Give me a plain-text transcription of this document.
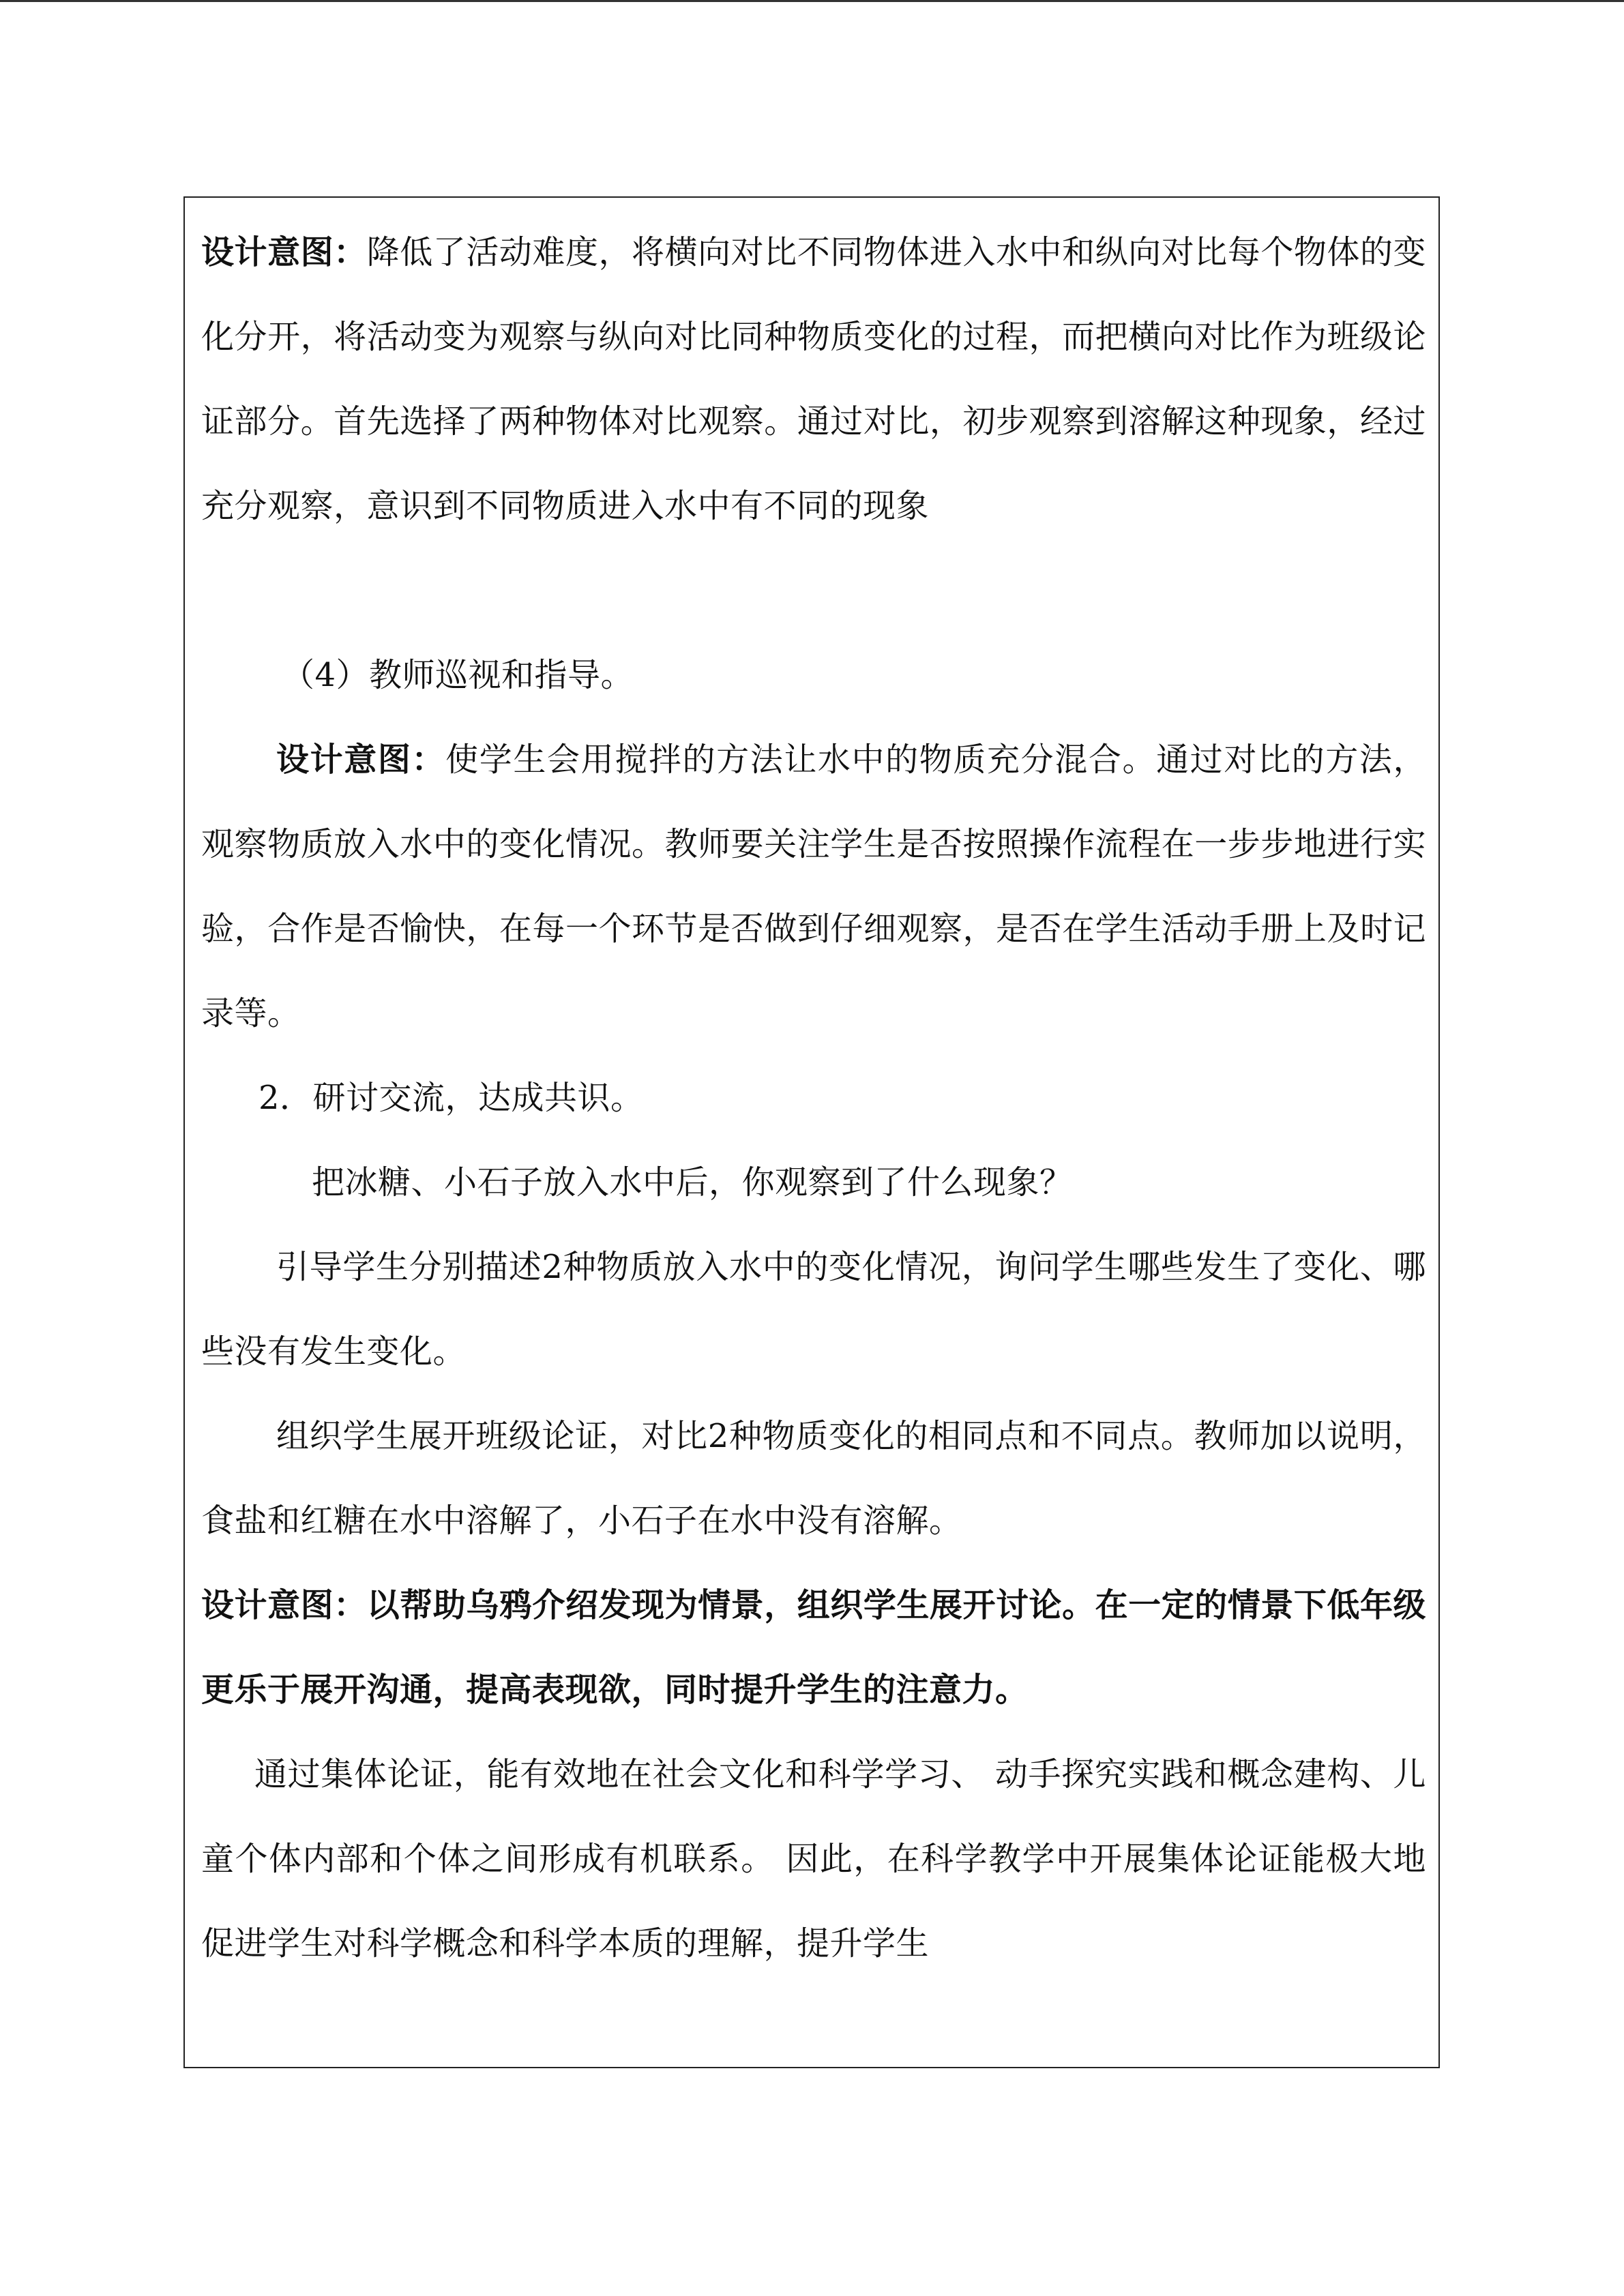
设计意图：降低了活动难度，将横向对比不同物体进入水中和纵向对比每个物体的变化分开，将活动变为观察与纵向对比同种物质变化的过程，而把横向对比作为班级论证部分。首先选择了两种物体对比观察。通过对比，初步观察到溶解这种现象，经过充分观察，意识到不同物质进入水中有不同的现象

（4）教师巡视和指导。

设计意图：使学生会用搅拌的方法让水中的物质充分混合。通过对比的方法，观察物质放入水中的变化情况。教师要关注学生是否按照操作流程在一步步地进行实验，合作是否愉快，在每一个环节是否做到仔细观察，是否在学生活动手册上及时记录等。

2．研讨交流，达成共识。

把冰糖、小石子放入水中后，你观察到了什么现象？

引导学生分别描述2种物质放入水中的变化情况，询问学生哪些发生了变化、哪些没有发生变化。

组织学生展开班级论证，对比2种物质变化的相同点和不同点。教师加以说明，食盐和红糖在水中溶解了，小石子在水中没有溶解。

设计意图：以帮助乌鸦介绍发现为情景，组织学生展开讨论。在一定的情景下低年级更乐于展开沟通，提高表现欲，同时提升学生的注意力。

通过集体论证，能有效地在社会文化和科学学习、 动手探究实践和概念建构、儿童个体内部和个体之间形成有机联系。 因此，在科学教学中开展集体论证能极大地促进学生对科学概念和科学本质的理解，提升学生
